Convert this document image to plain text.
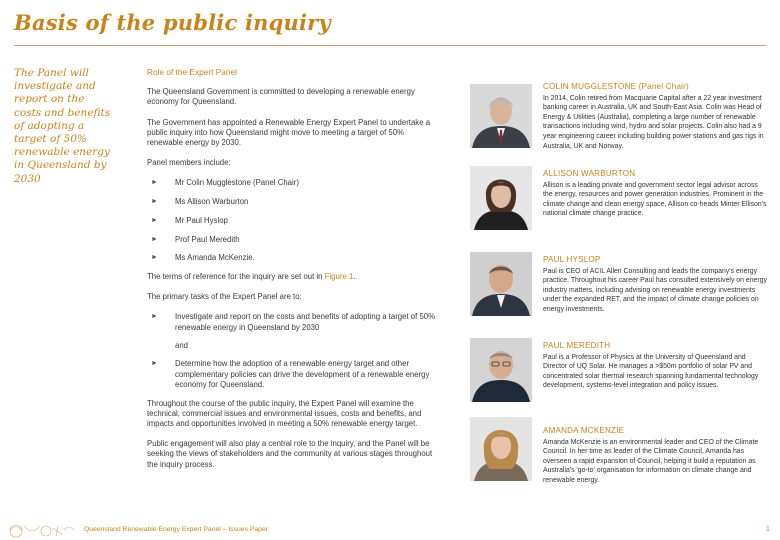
Basis of the public inquiry
The Panel will investigate and report on the costs and benefits of adopting a target of 50% renewable energy in Queensland by 2030
Role of the Expert Panel

The Queensland Government is committed to developing a renewable energy economy for Queensland.

The Government has appointed a Renewable Energy Expert Panel to undertake a public inquiry into how Queensland might move to meeting a target of 50% renewable energy by 2030.

Panel members include:

► Mr Colin Mugglestone (Panel Chair)
► Ms Allison Warburton
► Mr Paul Hyslop
► Prof Paul Meredith
► Ms Amanda McKenzie.

The terms of reference for the inquiry are set out in Figure 1.

The primary tasks of the Expert Panel are to:

► Investigate and report on the costs and benefits of adopting a target of 50% renewable energy in Queensland by 2030
and
► Determine how the adoption of a renewable energy target and other complementary policies can drive the development of a renewable energy economy for Queensland.

Throughout the course of the public inquiry, the Expert Panel will examine the technical, commercial issues and environmental issues, costs and benefits, and impacts and opportunities involved in meeting a 50% renewable energy target.

Public engagement will also play a central role to the inquiry, and the Panel will be seeking the views of stakeholders and the community at various stages throughout the inquiry process.

COLIN MUGGLESTONE (Panel Chair)
In 2014, Colin retired from Macquarie Capital after a 22 year investment banking career in Australia, UK and South-East Asia. Colin was Head of Energy & Utilities (Australia), completing a large number of renewable transactions including wind, hydro and solar projects. Colin also had a 9 year engineering career including building power stations and gas rigs in Australia, UK and Norway.
ALLISON WARBURTON
Allison is a leading private and government sector legal advisor across the energy, resources and power generation industries. Prominent in the climate change and clean energy space, Allison co-heads Minter Ellison's national climate change practice.
PAUL HYSLOP
Paul is CEO of ACIL Allen Consulting and leads the company's energy practice. Throughout his career Paul has consulted extensively on energy industry matters, including advising on renewable energy investments under the expanded RET, and the impact of climate change policies on energy investments.
PAUL MEREDITH
Paul is a Professor of Physics at the University of Queensland and Director of UQ Solar. He manages a >$50m portfolio of solar PV and concentrated solar thermal research spanning fundamental technology development, systems-level integration and policy issues.
AMANDA MCKENZIE
Amanda McKenzie is an environmental leader and CEO of the Climate Council. In her time as leader of the Climate Council, Amanda has overseen a rapid expansion of Council, helping it build a reputation as Australia's 'go-to' organisation for information on climate change and renewable energy.
Queensland Renewable Energy Expert Panel – Issues Paper	1
